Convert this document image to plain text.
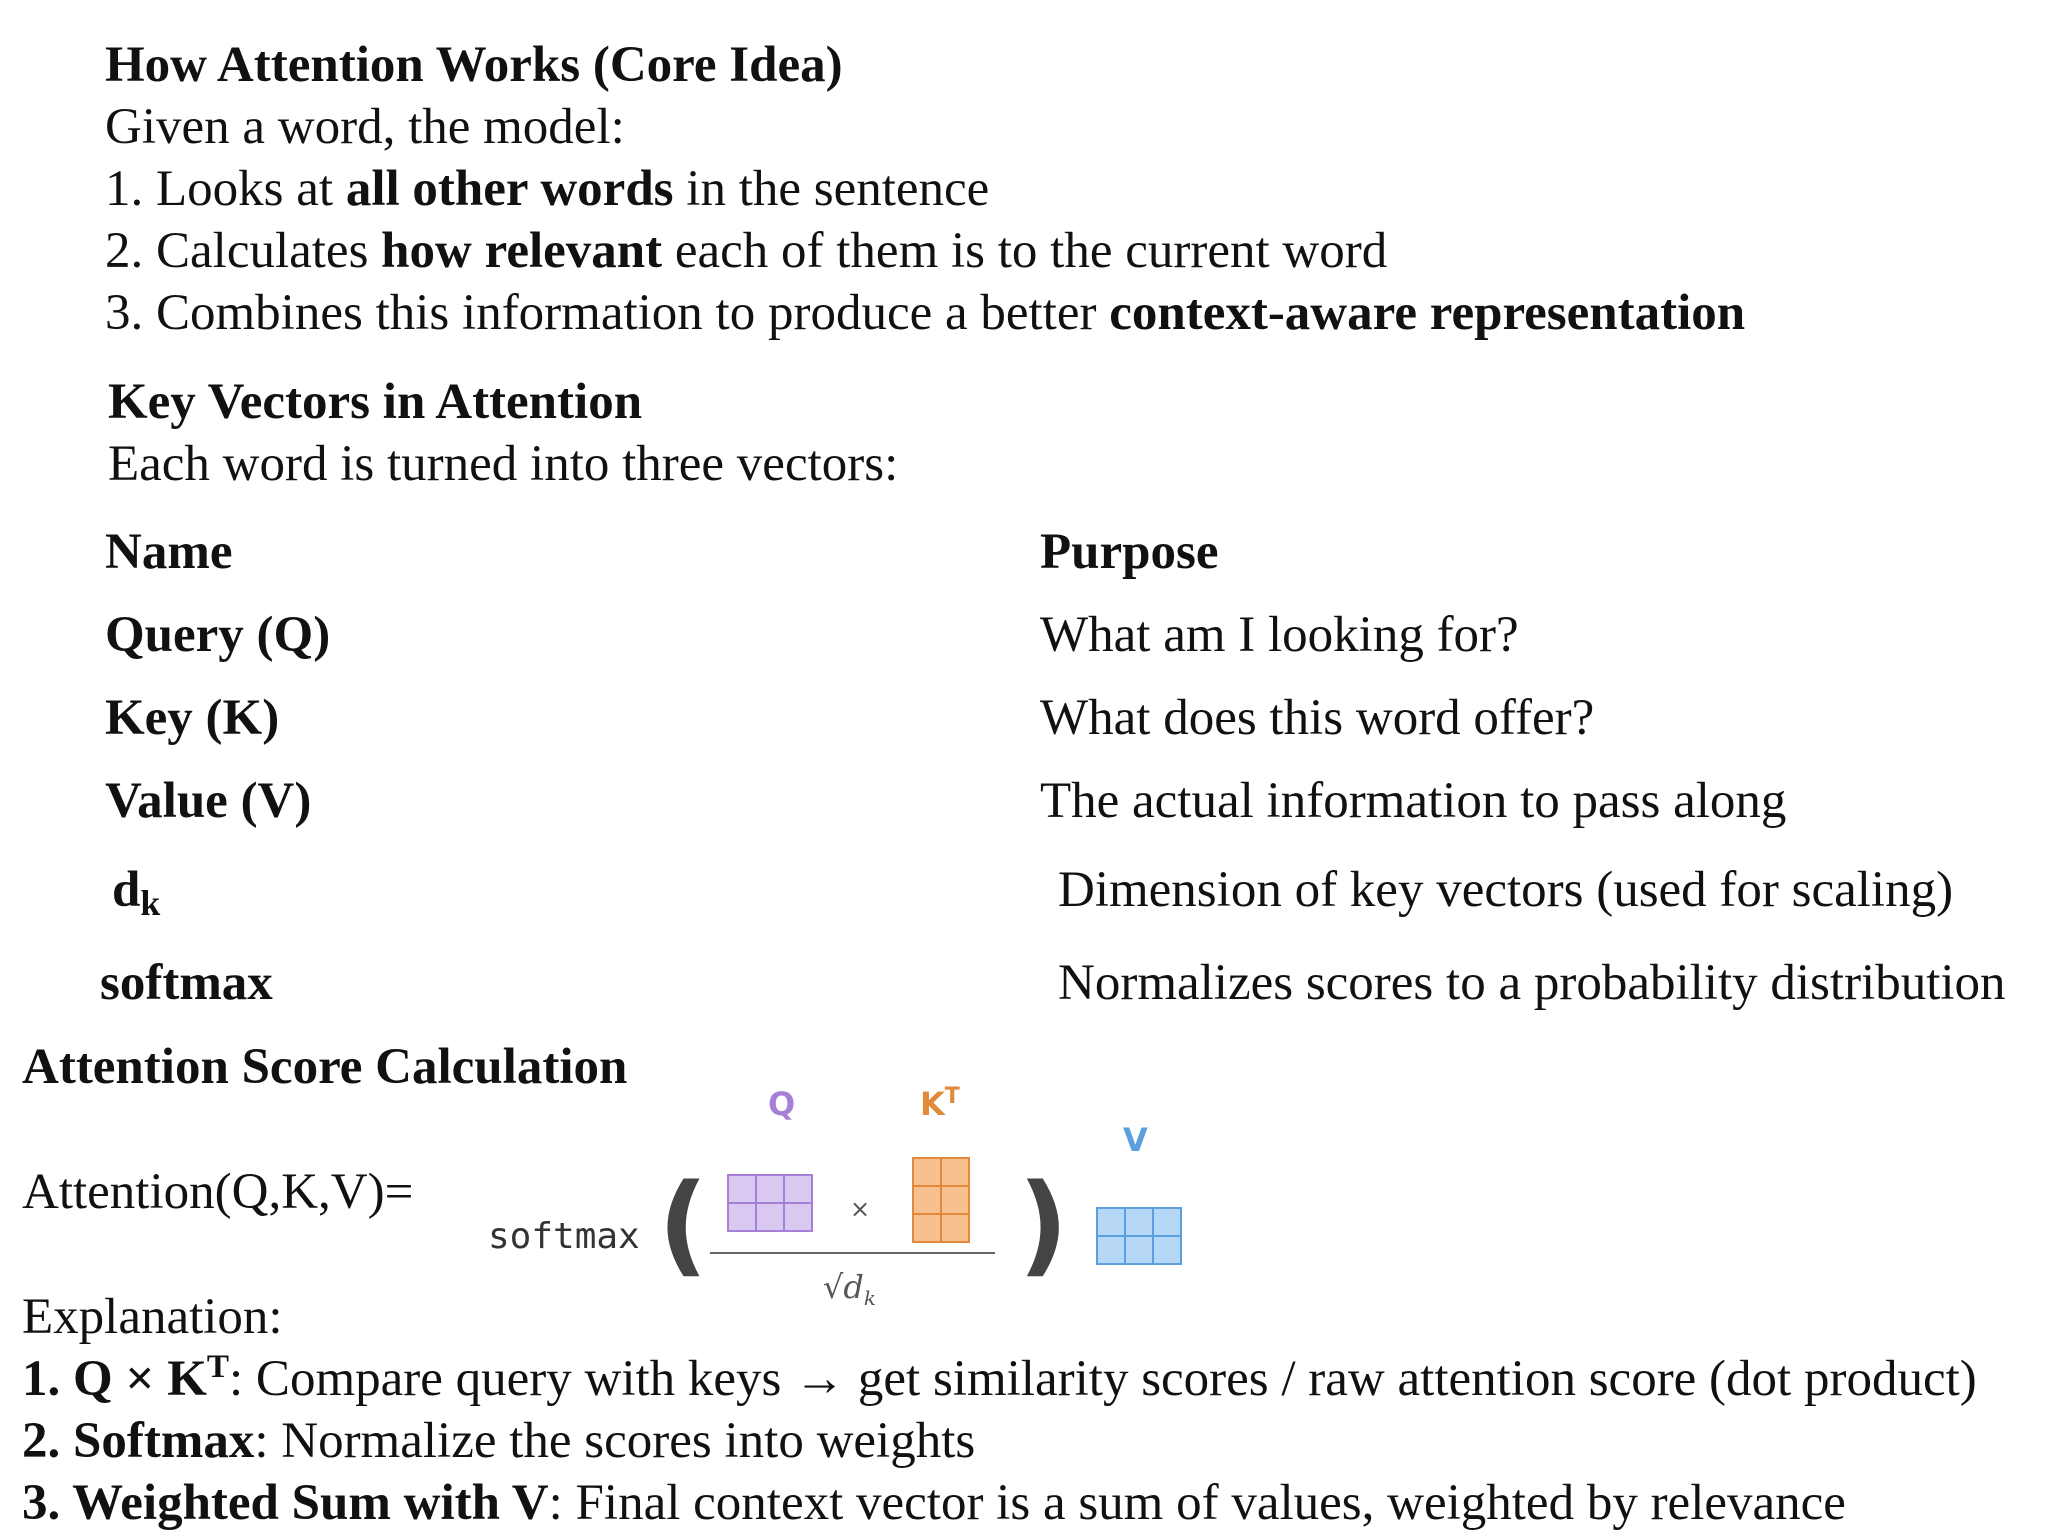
How Attention Works (Core Idea)
Given a word, the model:
1. Looks at all other words in the sentence
2. Calculates how relevant each of them is to the current word
3. Combines this information to produce a better context-aware representation
Key Vectors in Attention
Each word is turned into three vectors:
Name	Purpose
Query (Q)	What am I looking for?
Key (K)	What does this word offer?
Value (V)	The actual information to pass along
$d_k$	Dimension of key vectors (used for scaling)
softmax	Normalizes scores to a probability distribution
Attention Score Calculation
Attention(Q,K,V)=
softmax (
Q	$K^T$
×
$√d_k$
)
V
Explanation:
1. $Q \times K^T$: Compare query with keys → get similarity scores / raw attention score (dot product)
2. Softmax: Normalize the scores into weights
3. Weighted Sum with V: Final context vector is a sum of values, weighted by relevance
